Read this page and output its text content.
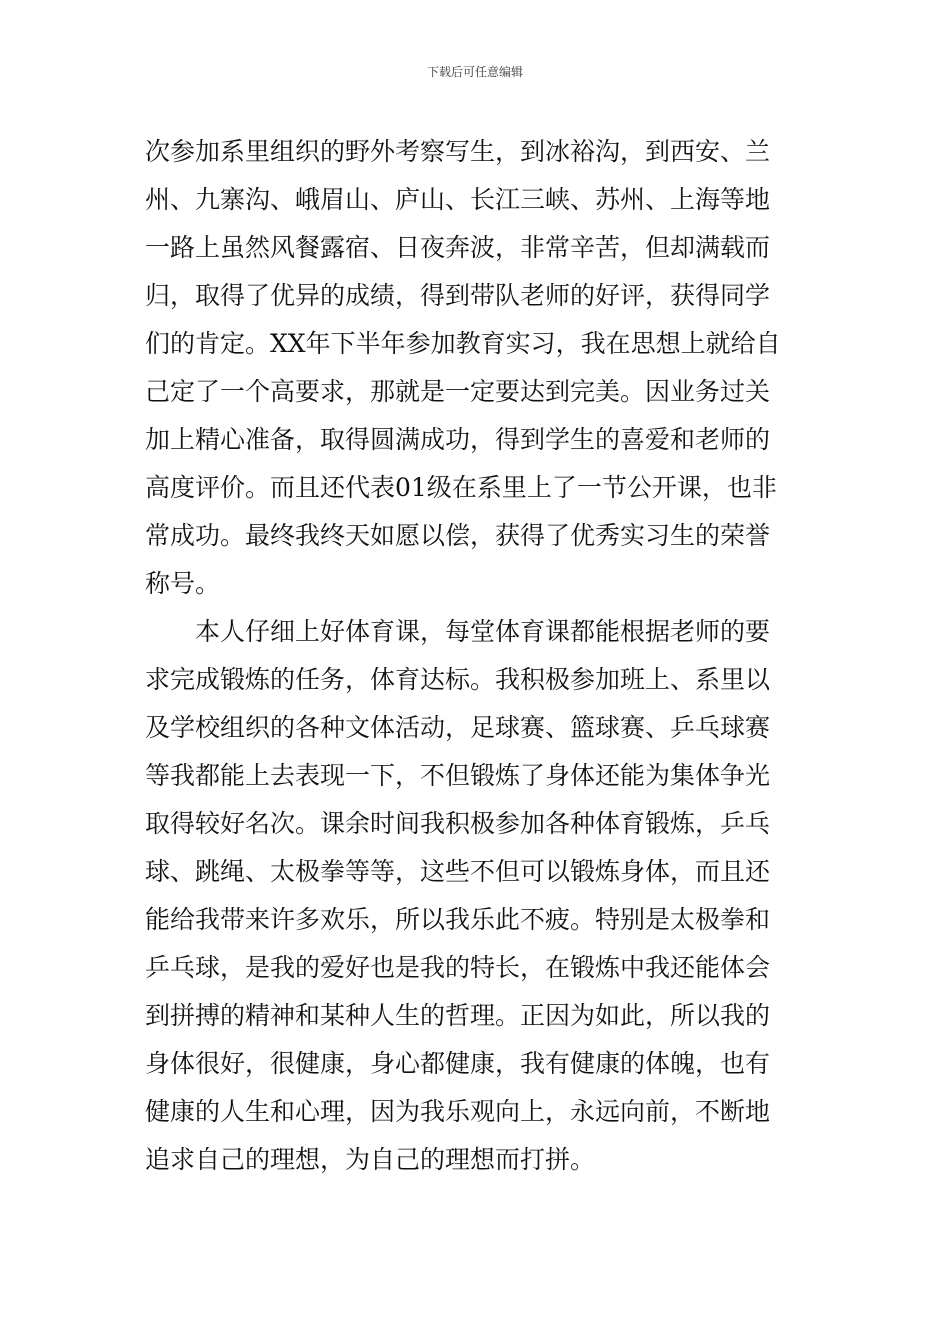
下载后可任意编辑

次参加系里组织的野外考察写生，到冰裕沟，到西安、兰

州、九寨沟、峨眉山、庐山、长江三峡、苏州、上海等地

一路上虽然风餐露宿、日夜奔波，非常辛苦，但却满载而

归，取得了优异的成绩，得到带队老师的好评，获得同学

们的肯定。XX年下半年参加教育实习，我在思想上就给自

己定了一个高要求，那就是一定要达到完美。因业务过关

加上精心准备，取得圆满成功，得到学生的喜爱和老师的

高度评价。而且还代表01级在系里上了一节公开课，也非

常成功。最终我终天如愿以偿，获得了优秀实习生的荣誉

称号。

　　本人仔细上好体育课，每堂体育课都能根据老师的要

求完成锻炼的任务，体育达标。我积极参加班上、系里以

及学校组织的各种文体活动，足球赛、篮球赛、乒乓球赛

等我都能上去表现一下，不但锻炼了身体还能为集体争光

取得较好名次。课余时间我积极参加各种体育锻炼，乒乓

球、跳绳、太极拳等等，这些不但可以锻炼身体，而且还

能给我带来许多欢乐，所以我乐此不疲。特别是太极拳和

乒乓球，是我的爱好也是我的特长，在锻炼中我还能体会

到拼搏的精神和某种人生的哲理。正因为如此，所以我的

身体很好，很健康，身心都健康，我有健康的体魄，也有

健康的人生和心理，因为我乐观向上，永远向前，不断地

追求自己的理想，为自己的理想而打拼。
